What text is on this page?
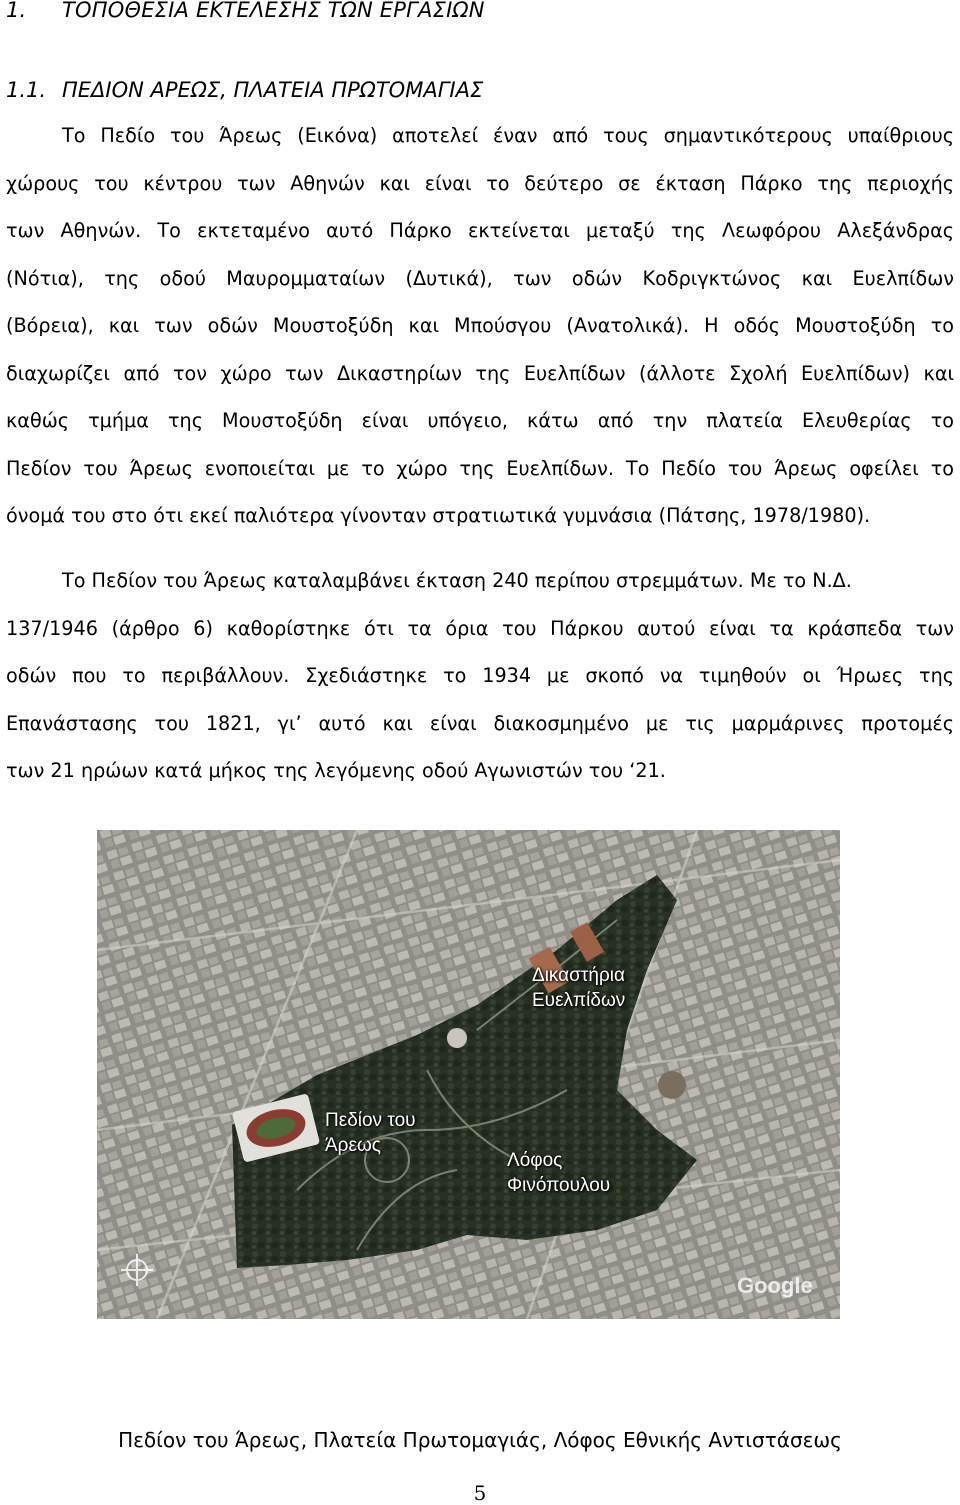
1. ΤΟΠΟΘΕΣΙΑ ΕΚΤΕΛΕΣΗΣ ΤΩΝ ΕΡΓΑΣΙΩΝ
1.1. ΠΕΔΙΟΝ ΑΡΕΩΣ, ΠΛΑΤΕΙΑ ΠΡΩΤΟΜΑΓΙΑΣ
Το Πεδίο του Άρεως (Εικόνα) αποτελεί έναν από τους σημαντικότερους υπαίθριους
χώρους του κέντρου των Αθηνών και είναι το δεύτερο σε έκταση Πάρκο της περιοχής
των Αθηνών. Το εκτεταμένο αυτό Πάρκο εκτείνεται μεταξύ της Λεωφόρου Αλεξάνδρας
(Νότια), της οδού Μαυρομματαίων (Δυτικά), των οδών Κοδριγκτώνος και Ευελπίδων
(Βόρεια), και των οδών Μουστοξύδη και Μπούσγου (Ανατολικά). Η οδός Μουστοξύδη το
διαχωρίζει από τον χώρο των Δικαστηρίων της Ευελπίδων (άλλοτε Σχολή Ευελπίδων) και
καθώς τμήμα της Μουστοξύδη είναι υπόγειο, κάτω από την πλατεία Ελευθερίας το
Πεδίον του Άρεως ενοποιείται με το χώρο της Ευελπίδων. Το Πεδίο του Άρεως οφείλει το
όνομά του στο ότι εκεί παλιότερα γίνονταν στρατιωτικά γυμνάσια (Πάτσης, 1978/1980).
Το Πεδίον του Άρεως καταλαμβάνει έκταση 240 περίπου στρεμμάτων. Με το Ν.Δ.
137/1946 (άρθρο 6) καθορίστηκε ότι τα όρια του Πάρκου αυτού είναι τα κράσπεδα των
οδών που το περιβάλλουν. Σχεδιάστηκε το 1934 με σκοπό να τιμηθούν οι Ήρωες της
Επανάστασης του 1821, γι’ αυτό και είναι διακοσμημένο με τις μαρμάρινες προτομές
των 21 ηρώων κατά μήκος της λεγόμενης οδού Αγωνιστών του ‘21.
Google
Δικαστήρια
Ευελπίδων
Πεδίον του
Άρεως
Λόφος
Φινόπουλου
Πεδίον του Άρεως, Πλατεία Πρωτομαγιάς, Λόφος Εθνικής Αντιστάσεως
5
